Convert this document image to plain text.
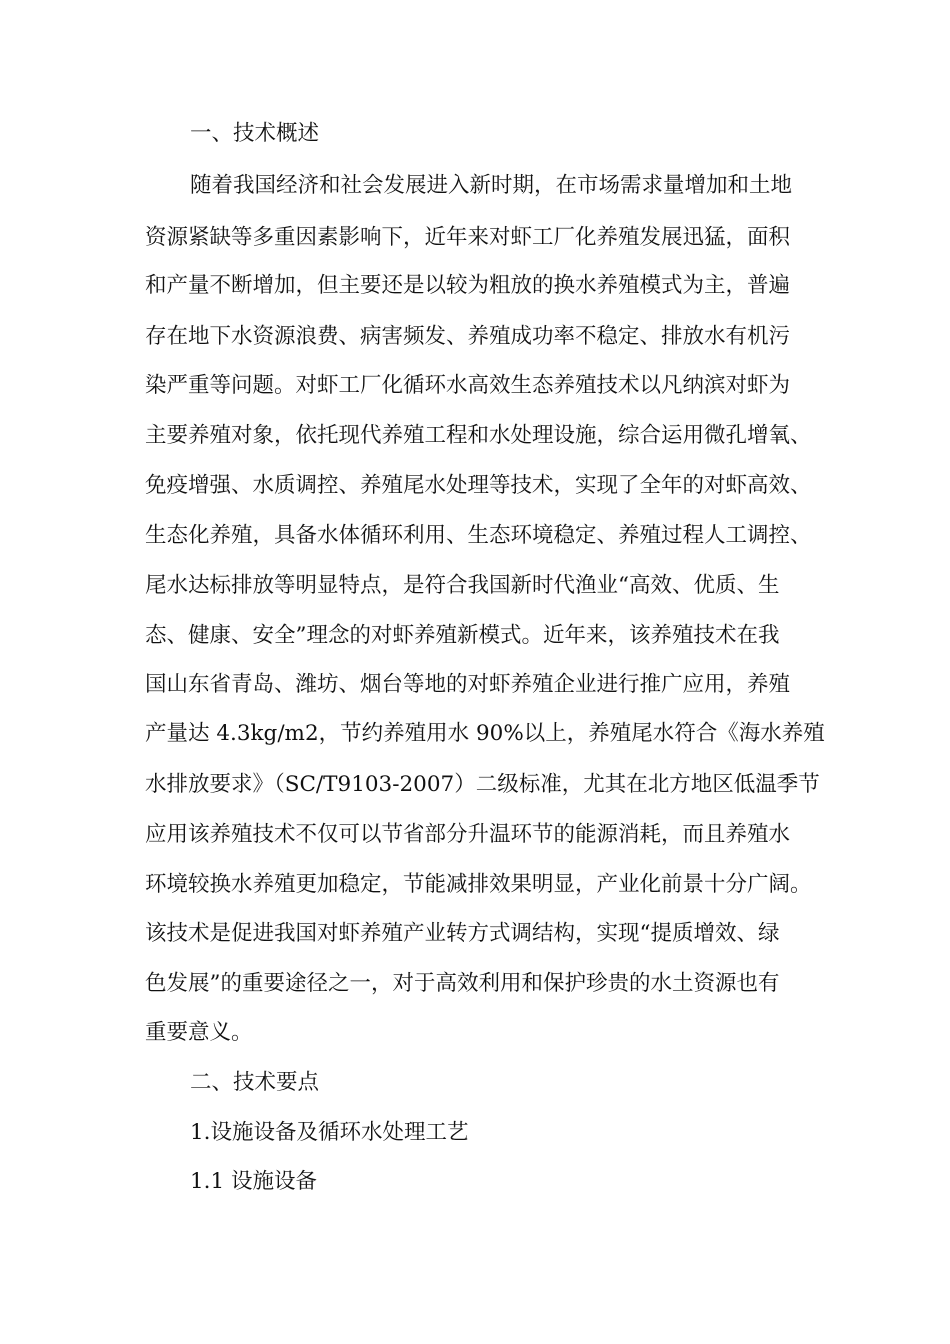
一、技术概述
随着我国经济和社会发展进入新时期，在市场需求量增加和土地
资源紧缺等多重因素影响下，近年来对虾工厂化养殖发展迅猛，面积
和产量不断增加，但主要还是以较为粗放的换水养殖模式为主，普遍
存在地下水资源浪费、病害频发、养殖成功率不稳定、排放水有机污
染严重等问题。对虾工厂化循环水高效生态养殖技术以凡纳滨对虾为
主要养殖对象，依托现代养殖工程和水处理设施，综合运用微孔增氧、
免疫增强、水质调控、养殖尾水处理等技术，实现了全年的对虾高效、
生态化养殖，具备水体循环利用、生态环境稳定、养殖过程人工调控、
尾水达标排放等明显特点，是符合我国新时代渔业“高效、优质、生
态、健康、安全”理念的对虾养殖新模式。近年来，该养殖技术在我
国山东省青岛、潍坊、烟台等地的对虾养殖企业进行推广应用，养殖
产量达 4.3kg/m2，节约养殖用水 90%以上，养殖尾水符合《海水养殖
水排放要求》（SC/T9103-2007）二级标准，尤其在北方地区低温季节
应用该养殖技术不仅可以节省部分升温环节的能源消耗，而且养殖水
环境较换水养殖更加稳定，节能减排效果明显，产业化前景十分广阔。
该技术是促进我国对虾养殖产业转方式调结构，实现“提质增效、绿
色发展”的重要途径之一，对于高效利用和保护珍贵的水土资源也有
重要意义。
二、技术要点
1.设施设备及循环水处理工艺
1.1 设施设备
